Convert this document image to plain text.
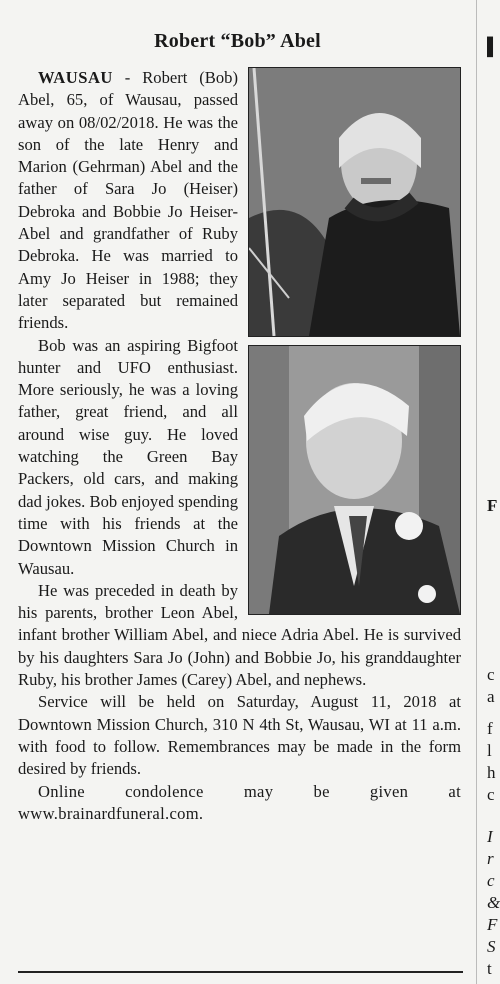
Robert “Bob” Abel

WAUSAU - Robert (Bob) Abel, 65, of Wausau, passed away on 08/02/2018. He was the son of the late Henry and Marion (Gehrman) Abel and the father of Sara Jo (Heiser) Debroka and Bobbie Jo Heiser-Abel and grandfather of Ruby Debroka. He was married to Amy Jo Heiser in 1988; they later separated but remained friends.

Bob was an aspiring Bigfoot hunter and UFO enthusiast. More seriously, he was a loving father, great friend, and all around wise guy. He loved watching the Green Bay Packers, old cars, and making dad jokes. Bob enjoyed spending time with his friends at the Downtown Mission Church in Wausau.

He was preceded in death by his parents, brother Leon Abel, infant brother William Abel, and niece Adria Abel. He is survived by his daughters Sara Jo (John) and Bobbie Jo, his granddaughter Ruby, his brother James (Carey) Abel, and nephews.

Service will be held on Saturday, August 11, 2018 at Downtown Mission Church, 310 N 4th St, Wausau, WI at 11 a.m. with food to follow. Remembrances may be made in the form desired by friends.

Online condolence may be given at www.brainardfuneral.com.

▌
F
c
a
f
l
h
c
I
r
c
&
F
S
t
